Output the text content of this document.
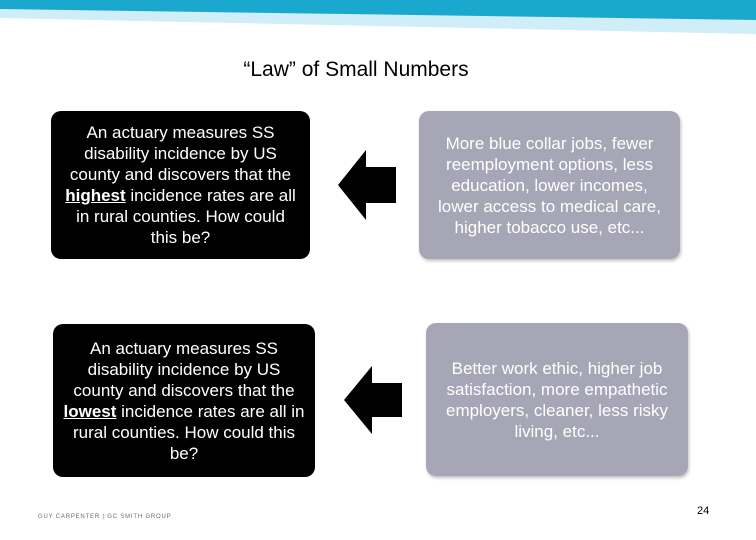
“Law” of Small Numbers
An actuary measures SS disability incidence by US county and discovers that the highest incidence rates are all in rural counties. How could this be?
More blue collar jobs, fewer reemployment options, less education, lower incomes, lower access to medical care, higher tobacco use, etc...
An actuary measures SS disability incidence by US county and discovers that the lowest incidence rates are all in rural counties. How could this be?
Better work ethic, higher job satisfaction, more empathetic employers, cleaner, less risky living, etc...
GUY CARPENTER | GC SMITH GROUP	24
